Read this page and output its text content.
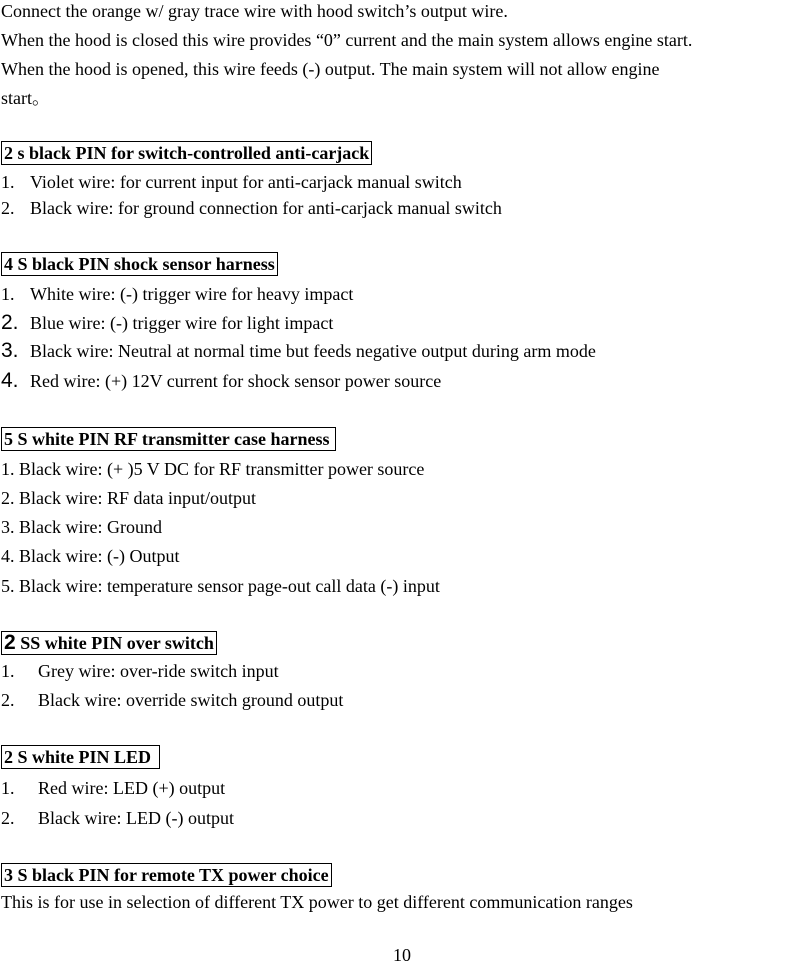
Connect the orange w/ gray trace wire with hood switch’s output wire.
When the hood is closed this wire provides “0” current and the main system allows engine start.
When the hood is opened, this wire feeds (-) output. The main system will not allow engine
start。
2 s black PIN for switch-controlled anti-carjack
1. Violet wire: for current input for anti-carjack manual switch
2. Black wire: for ground connection for anti-carjack manual switch
4 S black PIN shock sensor harness
1. White wire: (-) trigger wire for heavy impact
2. Blue wire: (-) trigger wire for light impact
3. Black wire: Neutral at normal time but feeds negative output during arm mode
4. Red wire: (+) 12V current for shock sensor power source
5 S white PIN RF transmitter case harness
1. Black wire: (+ )5 V DC for RF transmitter power source
2. Black wire: RF data input/output
3. Black wire: Ground
4. Black wire: (-) Output
5. Black wire: temperature sensor page-out call data (-) input
2 SS white PIN over switch
1. Grey wire: over-ride switch input
2. Black wire: override switch ground output
2 S white PIN LED
1. Red wire: LED (+) output
2. Black wire: LED (-) output
3 S black PIN for remote TX power choice
This is for use in selection of different TX power to get different communication ranges
10
